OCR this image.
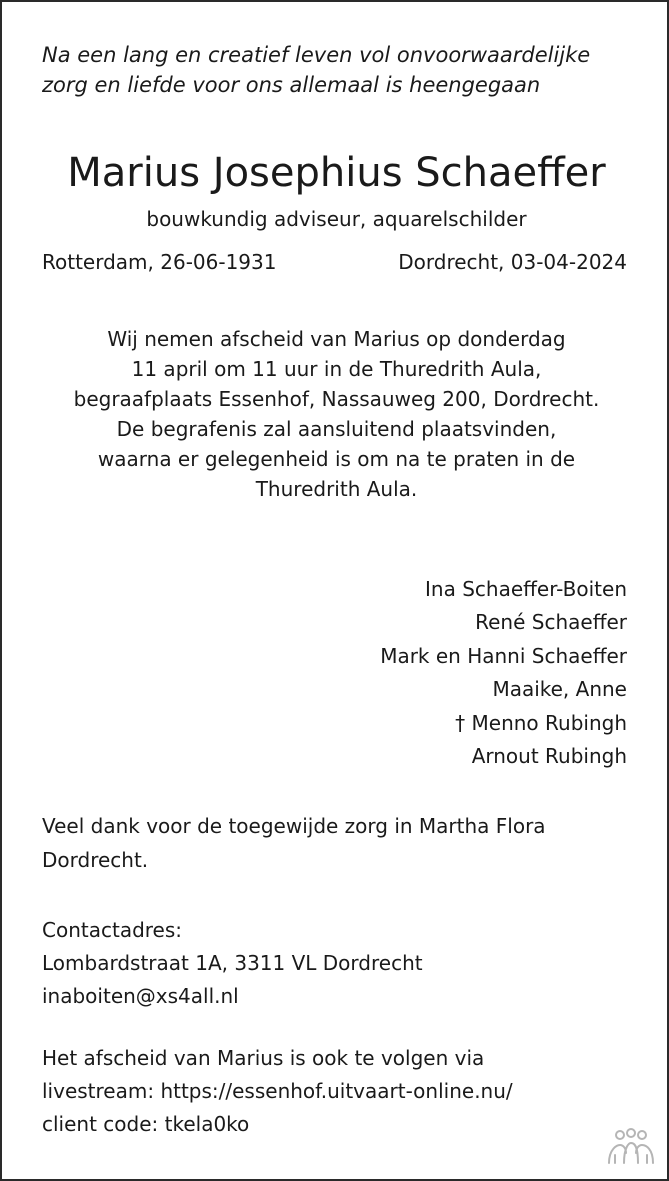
Na een lang en creatief leven vol onvoorwaardelijke
zorg en liefde voor ons allemaal is heengegaan
Marius Josephius Schaeffer
bouwkundig adviseur, aquarelschilder
Rotterdam, 26-06-1931	Dordrecht, 03-04-2024
Wij nemen afscheid van Marius op donderdag
11 april om 11 uur in de Thuredrith Aula,
begraafplaats Essenhof, Nassauweg 200, Dordrecht.
De begrafenis zal aansluitend plaatsvinden,
waarna er gelegenheid is om na te praten in de
Thuredrith Aula.
Ina Schaeffer-Boiten
René Schaeffer
Mark en Hanni Schaeffer
Maaike, Anne
† Menno Rubingh
Arnout Rubingh
Veel dank voor de toegewijde zorg in Martha Flora
Dordrecht.
Contactadres:
Lombardstraat 1A, 3311 VL Dordrecht
inaboiten@xs4all.nl
Het afscheid van Marius is ook te volgen via
livestream: https://essenhof.uitvaart-online.nu/
client code: tkela0ko
